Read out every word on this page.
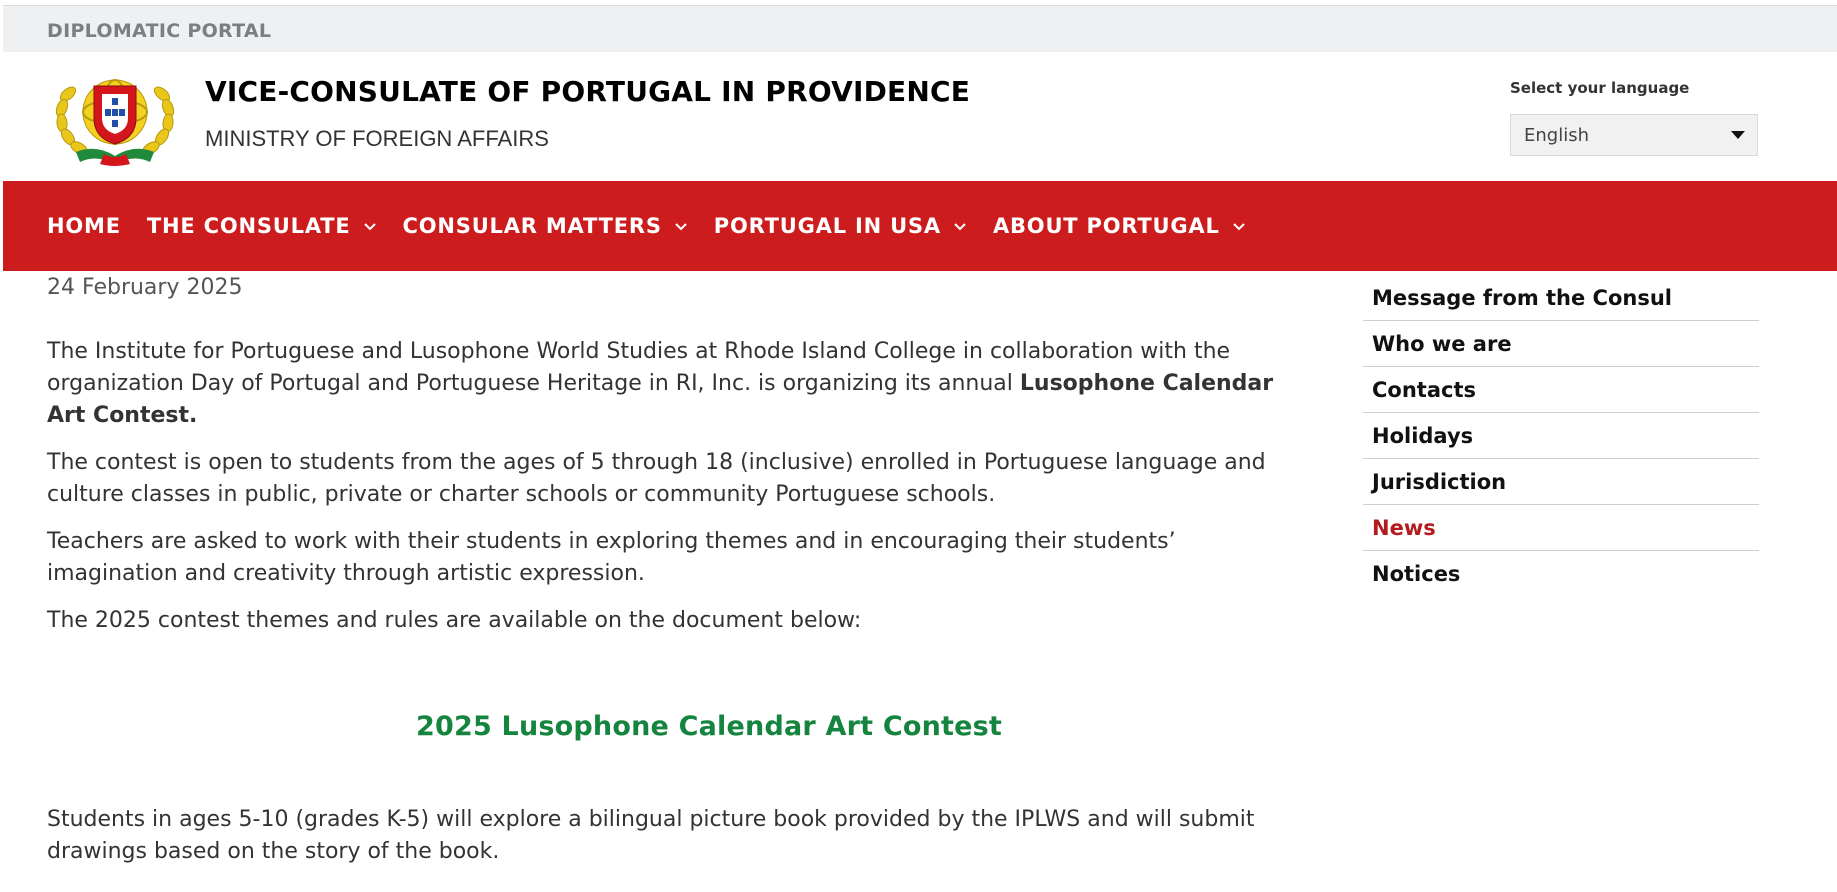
DIPLOMATIC PORTAL
VICE-CONSULATE OF PORTUGAL IN PROVIDENCE
MINISTRY OF FOREIGN AFFAIRS
Select your language
English
HOME THE CONSULATE CONSULAR MATTERS PORTUGAL IN USA ABOUT PORTUGAL
24 February 2025

The Institute for Portuguese and Lusophone World Studies at Rhode Island College in collaboration with the organization Day of Portugal and Portuguese Heritage in RI, Inc. is organizing its annual Lusophone Calendar Art Contest.

The contest is open to students from the ages of 5 through 18 (inclusive) enrolled in Portuguese language and culture classes in public, private or charter schools or community Portuguese schools.

Teachers are asked to work with their students in exploring themes and in encouraging their students’ imagination and creativity through artistic expression.

The 2025 contest themes and rules are available on the document below:

2025 Lusophone Calendar Art Contest

Students in ages 5-10 (grades K-5) will explore a bilingual picture book provided by the IPLWS and will submit drawings based on the story of the book.

Message from the Consul
Who we are
Contacts
Holidays
Jurisdiction
News
Notices
